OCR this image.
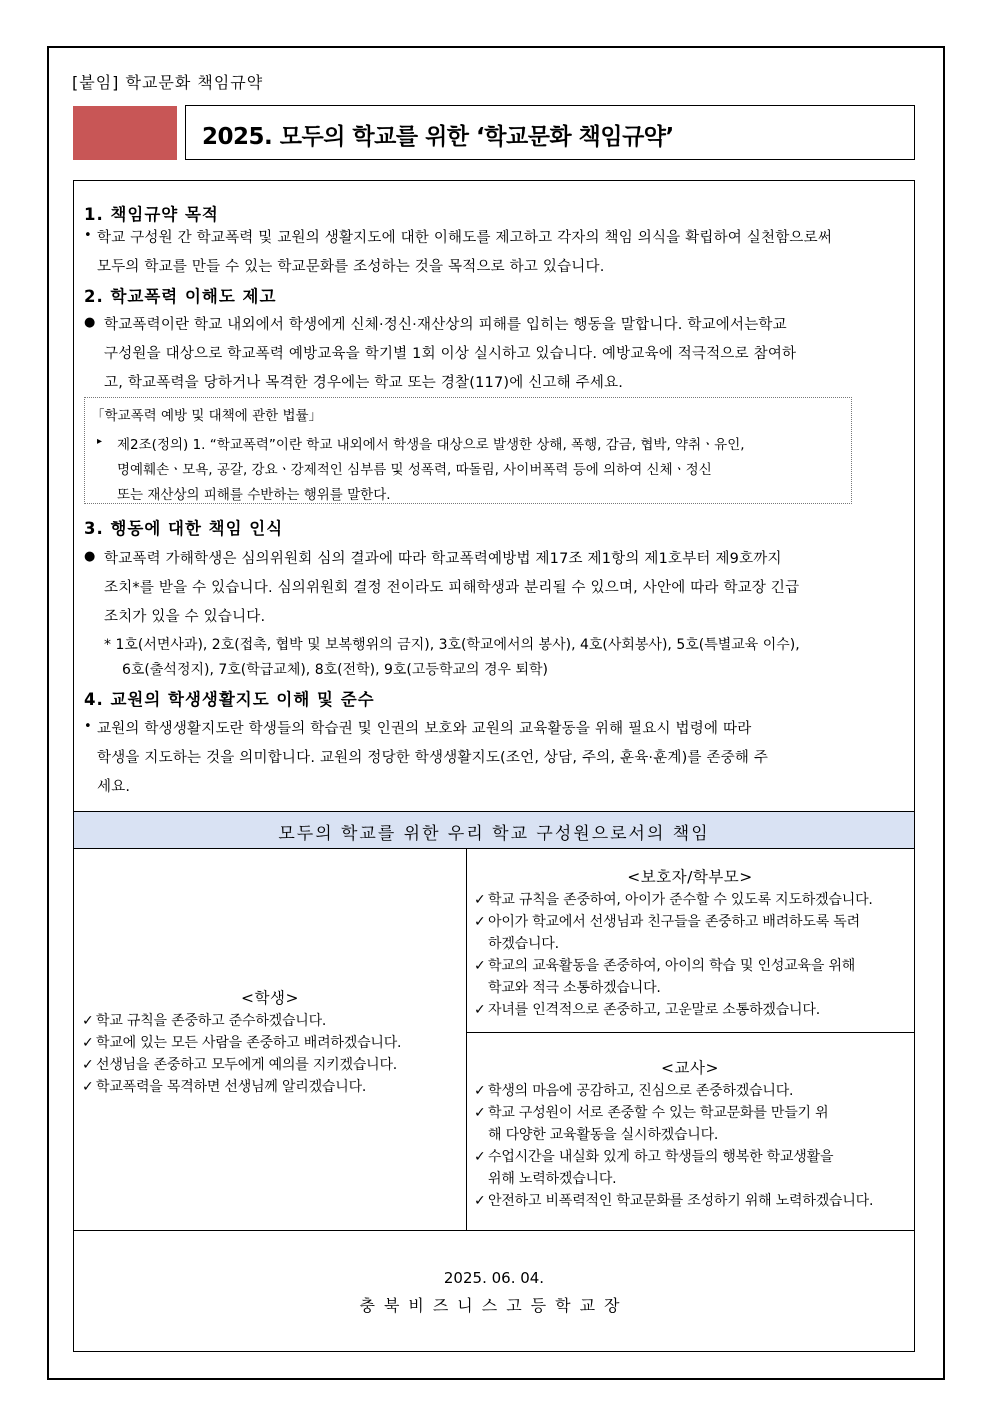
[붙임] 학교문화 책임규약
2025. 모두의 학교를 위한 ‘학교문화 책임규약’
1. 책임규약 목적
• 학교 구성원 간 학교폭력 및 교원의 생활지도에 대한 이해도를 제고하고 각자의 책임 의식을 확립하여 실천함으로써
모두의 학교를 만들 수 있는 학교문화를 조성하는 것을 목적으로 하고 있습니다.
2. 학교폭력 이해도 제고
● 학교폭력이란 학교 내외에서 학생에게 신체·정신·재산상의 피해를 입히는 행동을 말합니다. 학교에서는학교
구성원을 대상으로 학교폭력 예방교육을 학기별 1회 이상 실시하고 있습니다. 예방교육에 적극적으로 참여하
고, 학교폭력을 당하거나 목격한 경우에는 학교 또는 경찰(117)에 신고해 주세요.
「학교폭력 예방 및 대책에 관한 법률」
▸ 제2조(정의) 1. “학교폭력”이란 학교 내외에서 학생을 대상으로 발생한 상해, 폭행, 감금, 협박, 약취ㆍ유인,
명예훼손ㆍ모욕, 공갈, 강요ㆍ강제적인 심부름 및 성폭력, 따돌림, 사이버폭력 등에 의하여 신체ㆍ정신
또는 재산상의 피해를 수반하는 행위를 말한다.
3. 행동에 대한 책임 인식
● 학교폭력 가해학생은 심의위원회 심의 결과에 따라 학교폭력예방법 제17조 제1항의 제1호부터 제9호까지
조치*를 받을 수 있습니다. 심의위원회 결정 전이라도 피해학생과 분리될 수 있으며, 사안에 따라 학교장 긴급
조치가 있을 수 있습니다.
* 1호(서면사과), 2호(접촉, 협박 및 보복행위의 금지), 3호(학교에서의 봉사), 4호(사회봉사), 5호(특별교육 이수),
6호(출석정지), 7호(학급교체), 8호(전학), 9호(고등학교의 경우 퇴학)
4. 교원의 학생생활지도 이해 및 준수
• 교원의 학생생활지도란 학생들의 학습권 및 인권의 보호와 교원의 교육활동을 위해 필요시 법령에 따라
학생을 지도하는 것을 의미합니다. 교원의 정당한 학생생활지도(조언, 상담, 주의, 훈육·훈계)를 존중해 주
세요.
모두의 학교를 위한 우리 학교 구성원으로서의 책임
<학생>
✓ 학교 규칙을 존중하고 준수하겠습니다.
✓ 학교에 있는 모든 사람을 존중하고 배려하겠습니다.
✓ 선생님을 존중하고 모두에게 예의를 지키겠습니다.
✓ 학교폭력을 목격하면 선생님께 알리겠습니다.
<보호자/학부모>
✓ 학교 규칙을 존중하여, 아이가 준수할 수 있도록 지도하겠습니다.
✓ 아이가 학교에서 선생님과 친구들을 존중하고 배려하도록 독려
하겠습니다.
✓ 학교의 교육활동을 존중하여, 아이의 학습 및 인성교육을 위해
학교와 적극 소통하겠습니다.
✓ 자녀를 인격적으로 존중하고, 고운말로 소통하겠습니다.
<교사>
✓ 학생의 마음에 공감하고, 진심으로 존중하겠습니다.
✓ 학교 구성원이 서로 존중할 수 있는 학교문화를 만들기 위
해 다양한 교육활동을 실시하겠습니다.
✓ 수업시간을 내실화 있게 하고 학생들의 행복한 학교생활을
위해 노력하겠습니다.
✓ 안전하고 비폭력적인 학교문화를 조성하기 위해 노력하겠습니다.
2025. 06. 04.
충북비즈니스고등학교장
